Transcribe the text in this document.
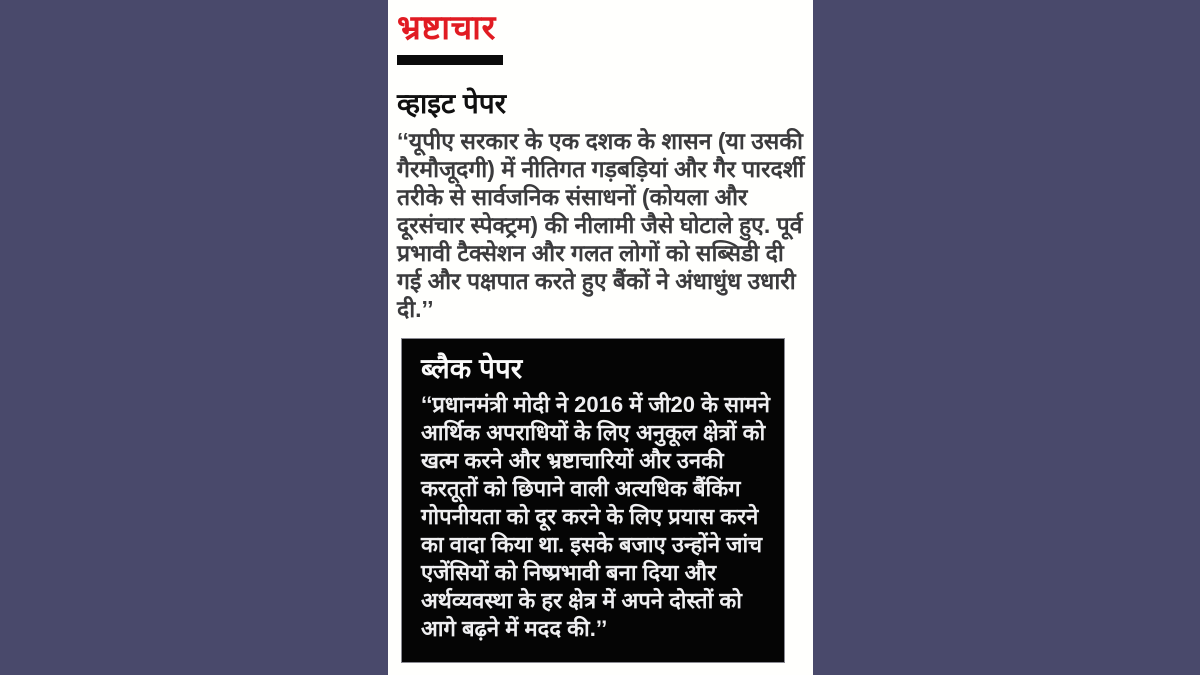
भ्रष्टाचार
व्हाइट पेपर
‘‘यूपीए सरकार के एक दशक के शासन (या उसकी गैरमौजूदगी) में नीतिगत गड़बड़ियां और गैर पारदर्शी तरीके से सार्वजनिक संसाधनों (कोयला और दूरसंचार स्पेक्ट्रम) की नीलामी जैसे घोटाले हुए. पूर्व प्रभावी टैक्सेशन और गलत लोगों को सब्सिडी दी गई और पक्षपात करते हुए बैंकों ने अंधाधुंध उधारी दी.’’
ब्लैक पेपर
‘‘प्रधानमंत्री मोदी ने 2016 में जी20 के सामने आर्थिक अपराधियों के लिए अनुकूल क्षेत्रों को खत्म करने और भ्रष्टाचारियों और उनकी करतूतों को छिपाने वाली अत्यधिक बैंकिंग गोपनीयता को दूर करने के लिए प्रयास करने का वादा किया था. इसके बजाए उन्होंने जांच एजेंसियों को निष्प्रभावी बना दिया और अर्थव्यवस्था के हर क्षेत्र में अपने दोस्तों को आगे बढ़ने में मदद की.’’
